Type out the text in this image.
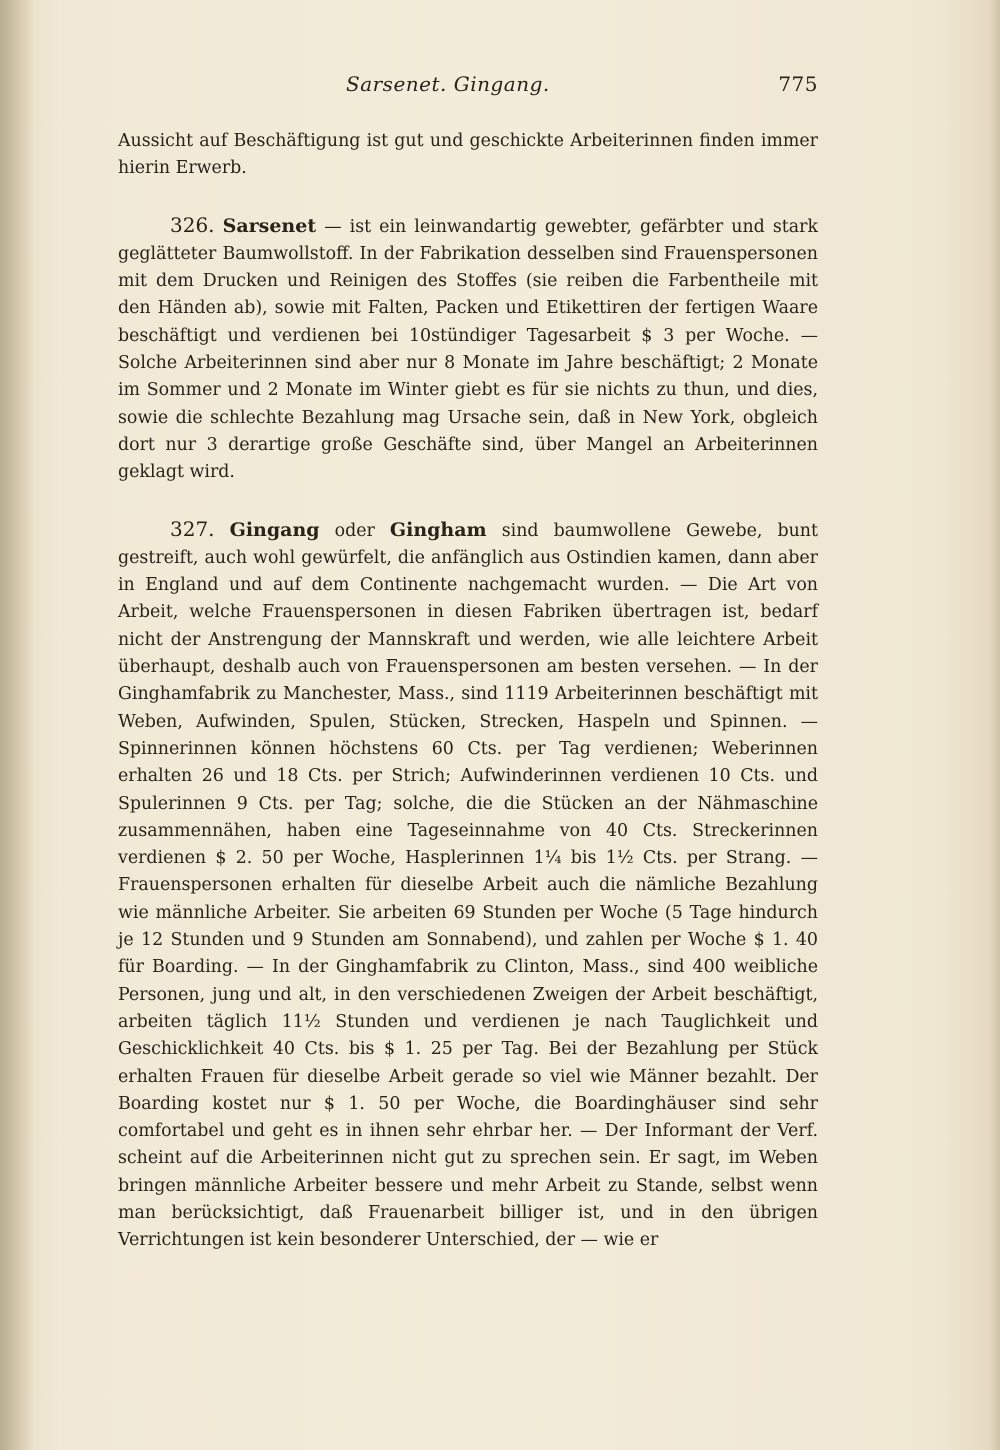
Sarsenet. Gingang.	775

Aussicht auf Beschäftigung ist gut und geschickte Arbeiterinnen finden immer hierin Erwerb.

326. Sarsenet — ist ein leinwandartig gewebter, gefärbter und stark geglätteter Baumwollstoff. In der Fabrikation desselben sind Frauenspersonen mit dem Drucken und Reinigen des Stoffes (sie reiben die Farbentheile mit den Händen ab), sowie mit Falten, Packen und Etikettiren der fertigen Waare beschäftigt und verdienen bei 10stündiger Tagesarbeit $ 3 per Woche. — Solche Arbeiterinnen sind aber nur 8 Monate im Jahre beschäftigt; 2 Monate im Sommer und 2 Monate im Winter giebt es für sie nichts zu thun, und dies, sowie die schlechte Bezahlung mag Ursache sein, daß in New York, obgleich dort nur 3 derartige große Geschäfte sind, über Mangel an Arbeiterinnen geklagt wird.

327. Gingang oder Gingham sind baumwollene Gewebe, bunt gestreift, auch wohl gewürfelt, die anfänglich aus Ostindien kamen, dann aber in England und auf dem Continente nachgemacht wurden. — Die Art von Arbeit, welche Frauenspersonen in diesen Fabriken übertragen ist, bedarf nicht der Anstrengung der Mannskraft und werden, wie alle leichtere Arbeit überhaupt, deshalb auch von Frauenspersonen am besten versehen. — In der Ginghamfabrik zu Manchester, Mass., sind 1119 Arbeiterinnen beschäftigt mit Weben, Aufwinden, Spulen, Stücken, Strecken, Haspeln und Spinnen. — Spinnerinnen können höchstens 60 Cts. per Tag verdienen; Weberinnen erhalten 26 und 18 Cts. per Strich; Aufwinderinnen verdienen 10 Cts. und Spulerinnen 9 Cts. per Tag; solche, die die Stücken an der Nähmaschine zusammennähen, haben eine Tageseinnahme von 40 Cts. Streckerinnen verdienen $ 2. 50 per Woche, Hasplerinnen 1¼ bis 1½ Cts. per Strang. — Frauenspersonen erhalten für dieselbe Arbeit auch die nämliche Bezahlung wie männliche Arbeiter. Sie arbeiten 69 Stunden per Woche (5 Tage hindurch je 12 Stunden und 9 Stunden am Sonnabend), und zahlen per Woche $ 1. 40 für Boarding. — In der Ginghamfabrik zu Clinton, Mass., sind 400 weibliche Personen, jung und alt, in den verschiedenen Zweigen der Arbeit beschäftigt, arbeiten täglich 11½ Stunden und verdienen je nach Tauglichkeit und Geschicklichkeit 40 Cts. bis $ 1. 25 per Tag. Bei der Bezahlung per Stück erhalten Frauen für dieselbe Arbeit gerade so viel wie Männer bezahlt. Der Boarding kostet nur $ 1. 50 per Woche, die Boardinghäuser sind sehr comfortabel und geht es in ihnen sehr ehrbar her. — Der Informant der Verf. scheint auf die Arbeiterinnen nicht gut zu sprechen sein. Er sagt, im Weben bringen männliche Arbeiter bessere und mehr Arbeit zu Stande, selbst wenn man berücksichtigt, daß Frauenarbeit billiger ist, und in den übrigen Verrichtungen ist kein besonderer Unterschied, der — wie er
